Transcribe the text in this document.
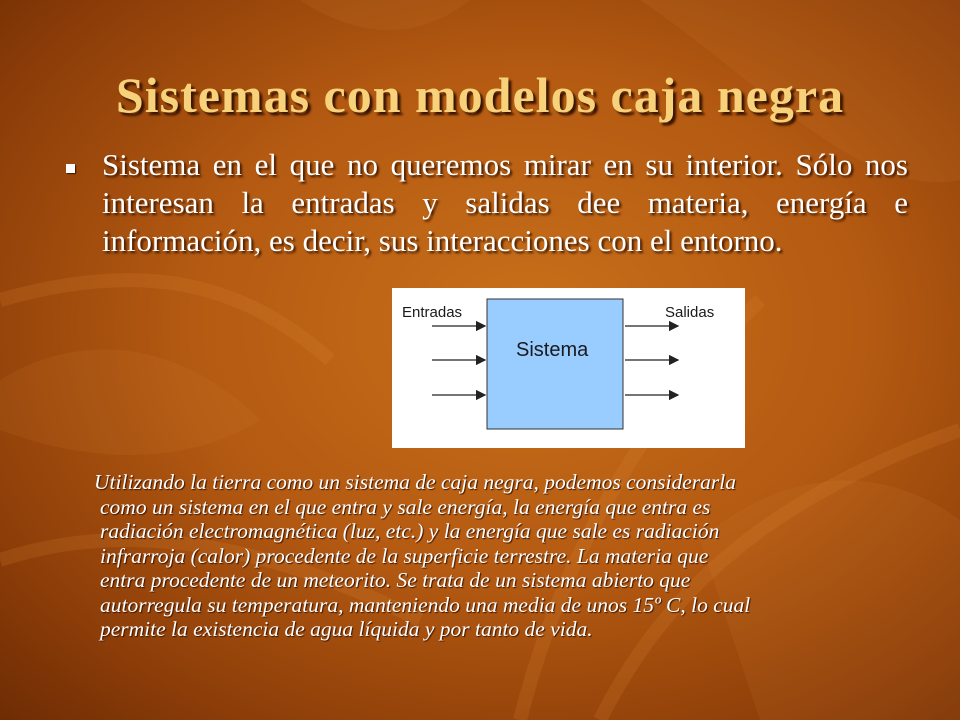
Sistemas con modelos caja negra

Sistema en el que no queremos mirar en su interior. Sólo nos interesan la entradas y salidas dee materia, energía e información, es decir, sus interacciones con el entorno.

Entradas	Salidas
Sistema

Utilizando la tierra como un sistema de caja negra, podemos considerarla
como un sistema en el que entra y sale energía, la energía que entra es
radiación electromagnética (luz, etc.) y la energía que sale es radiación
infrarroja (calor) procedente de la superficie terrestre. La materia que
entra procedente de un meteorito. Se trata de un sistema abierto que
autorregula su temperatura, manteniendo una media de unos 15º C, lo cual
permite la existencia de agua líquida y por tanto de vida.
